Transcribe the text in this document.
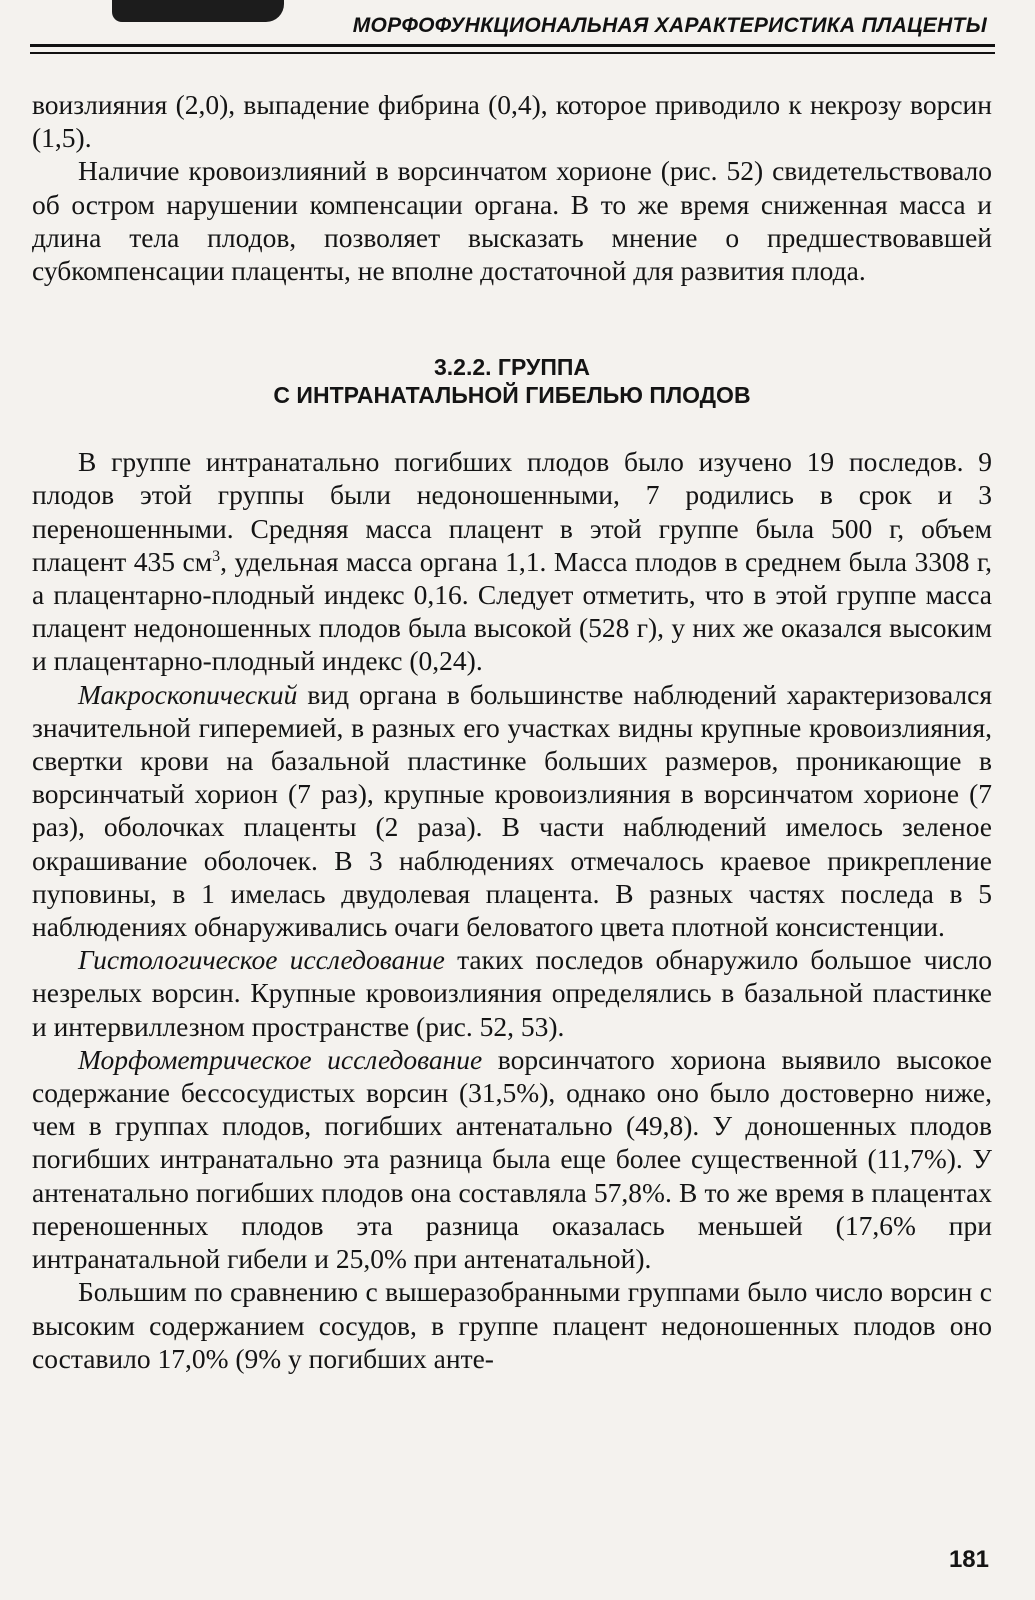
МОРФОФУНКЦИОНАЛЬНАЯ ХАРАКТЕРИСТИКА ПЛАЦЕНТЫ

воизлияния (2,0), выпадение фибрина (0,4), которое приводило к некрозу ворсин (1,5).

Наличие кровоизлияний в ворсинчатом хорионе (рис. 52) свидетельствовало об остром нарушении компенсации органа. В то же время сниженная масса и длина тела плодов, позволяет высказать мнение о предшествовавшей субкомпенсации плаценты, не вполне достаточной для развития плода.

3.2.2. ГРУППА
С ИНТРАНАТАЛЬНОЙ ГИБЕЛЬЮ ПЛОДОВ

В группе интранатально погибших плодов было изучено 19 последов. 9 плодов этой группы были недоношенными, 7 родились в срок и 3 переношенными. Средняя масса плацент в этой группе была 500 г, объем плацент 435 $см^3$, удельная масса органа 1,1. Масса плодов в среднем была 3308 г, а плацентарно-плодный индекс 0,16. Следует отметить, что в этой группе масса плацент недоношенных плодов была высокой (528 г), у них же оказался высоким и плацентарно-плодный индекс (0,24).

Макроскопический вид органа в большинстве наблюдений характеризовался значительной гиперемией, в разных его участках видны крупные кровоизлияния, свертки крови на базальной пластинке больших размеров, проникающие в ворсинчатый хорион (7 раз), крупные кровоизлияния в ворсинчатом хорионе (7 раз), оболочках плаценты (2 раза). В части наблюдений имелось зеленое окрашивание оболочек. В 3 наблюдениях отмечалось краевое прикрепление пуповины, в 1 имелась двудолевая плацента. В разных частях последа в 5 наблюдениях обнаруживались очаги беловатого цвета плотной консистенции.

Гистологическое исследование таких последов обнаружило большое число незрелых ворсин. Крупные кровоизлияния определялись в базальной пластинке и интервиллезном пространстве (рис. 52, 53).

Морфометрическое исследование ворсинчатого хориона выявило высокое содержание бессосудистых ворсин (31,5%), однако оно было достоверно ниже, чем в группах плодов, погибших антенатально (49,8). У доношенных плодов погибших интранатально эта разница была еще более существенной (11,7%). У антенатально погибших плодов она составляла 57,8%. В то же время в плацентах переношенных плодов эта разница оказалась меньшей (17,6% при интранатальной гибели и 25,0% при антенатальной).

Большим по сравнению с вышеразобранными группами было число ворсин с высоким содержанием сосудов, в группе плацент недоношенных плодов оно составило 17,0% (9% у погибших анте-

181
